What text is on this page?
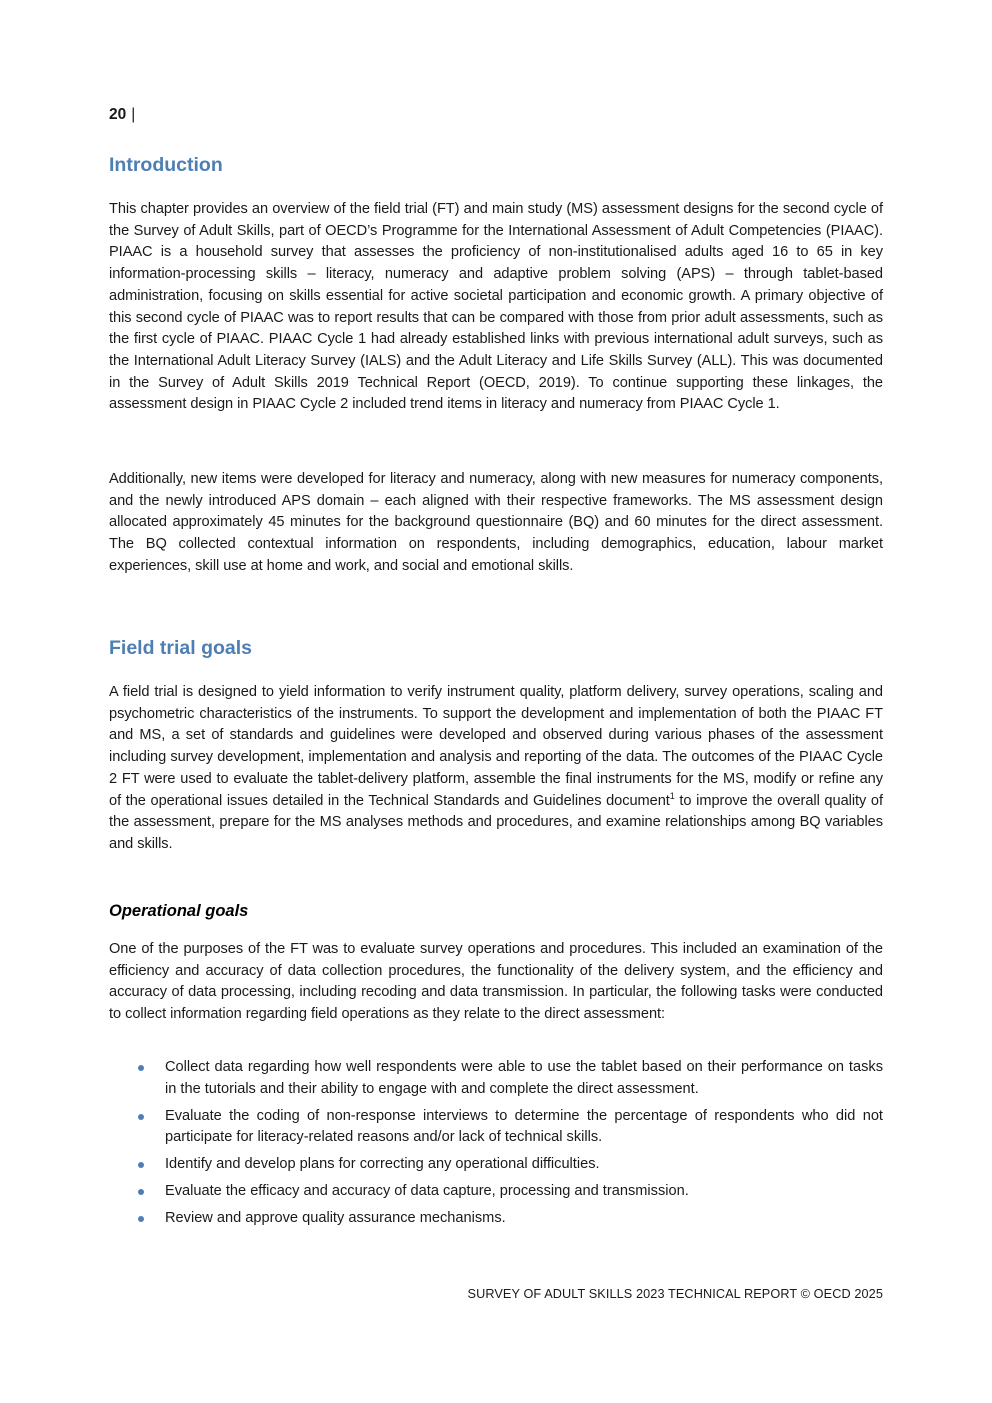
20 |
Introduction

This chapter provides an overview of the field trial (FT) and main study (MS) assessment designs for the second cycle of the Survey of Adult Skills, part of OECD’s Programme for the International Assessment of Adult Competencies (PIAAC). PIAAC is a household survey that assesses the proficiency of non-institutionalised adults aged 16 to 65 in key information-processing skills – literacy, numeracy and adaptive problem solving (APS) – through tablet-based administration, focusing on skills essential for active societal participation and economic growth. A primary objective of this second cycle of PIAAC was to report results that can be compared with those from prior adult assessments, such as the first cycle of PIAAC. PIAAC Cycle 1 had already established links with previous international adult surveys, such as the International Adult Literacy Survey (IALS) and the Adult Literacy and Life Skills Survey (ALL). This was documented in the Survey of Adult Skills 2019 Technical Report (OECD, 2019). To continue supporting these linkages, the assessment design in PIAAC Cycle 2 included trend items in literacy and numeracy from PIAAC Cycle 1.

Additionally, new items were developed for literacy and numeracy, along with new measures for numeracy components, and the newly introduced APS domain – each aligned with their respective frameworks. The MS assessment design allocated approximately 45 minutes for the background questionnaire (BQ) and 60 minutes for the direct assessment. The BQ collected contextual information on respondents, including demographics, education, labour market experiences, skill use at home and work, and social and emotional skills.

Field trial goals

A field trial is designed to yield information to verify instrument quality, platform delivery, survey operations, scaling and psychometric characteristics of the instruments. To support the development and implementation of both the PIAAC FT and MS, a set of standards and guidelines were developed and observed during various phases of the assessment including survey development, implementation and analysis and reporting of the data. The outcomes of the PIAAC Cycle 2 FT were used to evaluate the tablet-delivery platform, assemble the final instruments for the MS, modify or refine any of the operational issues detailed in the Technical Standards and Guidelines document$^1$ to improve the overall quality of the assessment, prepare for the MS analyses methods and procedures, and examine relationships among BQ variables and skills.

Operational goals

One of the purposes of the FT was to evaluate survey operations and procedures. This included an examination of the efficiency and accuracy of data collection procedures, the functionality of the delivery system, and the efficiency and accuracy of data processing, including recoding and data transmission. In particular, the following tasks were conducted to collect information regarding field operations as they relate to the direct assessment:

Collect data regarding how well respondents were able to use the tablet based on their performance on tasks in the tutorials and their ability to engage with and complete the direct assessment.
Evaluate the coding of non-response interviews to determine the percentage of respondents who did not participate for literacy-related reasons and/or lack of technical skills.
Identify and develop plans for correcting any operational difficulties.
Evaluate the efficacy and accuracy of data capture, processing and transmission.
Review and approve quality assurance mechanisms.
SURVEY OF ADULT SKILLS 2023 TECHNICAL REPORT © OECD 2025
